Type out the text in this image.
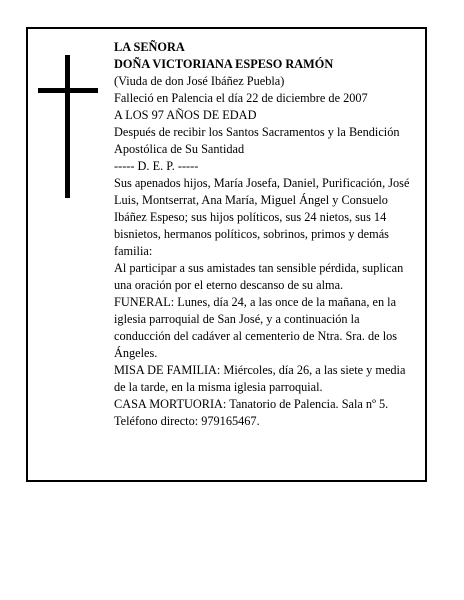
LA SEÑORA

DOÑA VICTORIANA ESPESO RAMÓN

(Viuda de don José Ibáñez Puebla)

Falleció en Palencia el día 22 de diciembre de 2007

A LOS 97 AÑOS DE EDAD

Después de recibir los Santos Sacramentos y la Bendición Apostólica de Su Santidad

----- D. E. P. -----

Sus apenados hijos, María Josefa, Daniel, Purificación, José Luis, Montserrat, Ana María, Miguel Ángel y Consuelo Ibáñez Espeso; sus hijos políticos, sus 24 nietos, sus 14 bisnietos, hermanos políticos, sobrinos, primos y demás familia:

Al participar a sus amistades tan sensible pérdida, suplican una oración por el eterno descanso de su alma.

FUNERAL: Lunes, día 24, a las once de la mañana, en la iglesia parroquial de San José, y a continuación la conducción del cadáver al cementerio de Ntra. Sra. de los Ángeles.

MISA DE FAMILIA: Miércoles, día 26, a las siete y media de la tarde, en la misma iglesia parroquial.

CASA MORTUORIA: Tanatorio de Palencia. Sala nº 5. Teléfono directo: 979165467.
